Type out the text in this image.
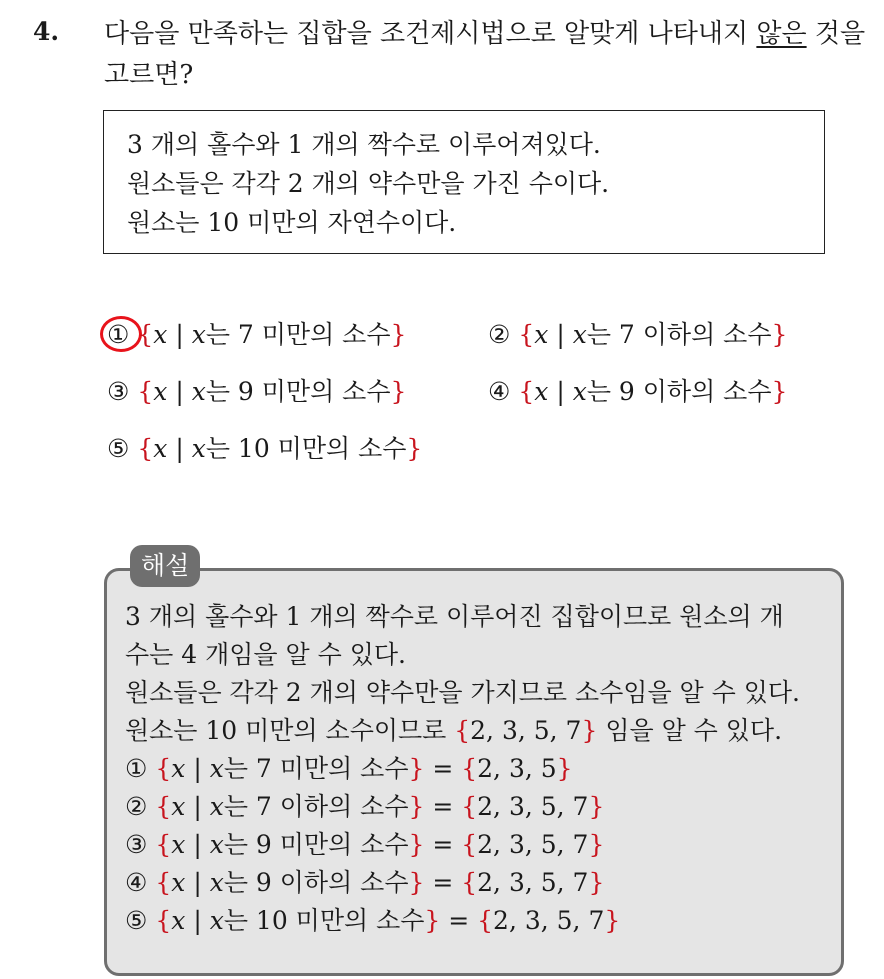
4. 다음을 만족하는 집합을 조건제시법으로 알맞게 나타내지 않은 것을 고르면?
3 개의 홀수와 1 개의 짝수로 이루어져있다.
원소들은 각각 2 개의 약수만을 가진 수이다.
원소는 10 미만의 자연수이다.
① {x | x는 7 미만의 소수}	② {x | x는 7 이하의 소수}
③ {x | x는 9 미만의 소수}	④ {x | x는 9 이하의 소수}
⑤ {x | x는 10 미만의 소수}
해설
3 개의 홀수와 1 개의 짝수로 이루어진 집합이므로 원소의 개
수는 4 개임을 알 수 있다.
원소들은 각각 2 개의 약수만을 가지므로 소수임을 알 수 있다.
원소는 10 미만의 소수이므로 {2, 3, 5, 7} 임을 알 수 있다.
① {x | x는 7 미만의 소수} = {2, 3, 5}
② {x | x는 7 이하의 소수} = {2, 3, 5, 7}
③ {x | x는 9 미만의 소수} = {2, 3, 5, 7}
④ {x | x는 9 이하의 소수} = {2, 3, 5, 7}
⑤ {x | x는 10 미만의 소수} = {2, 3, 5, 7}
